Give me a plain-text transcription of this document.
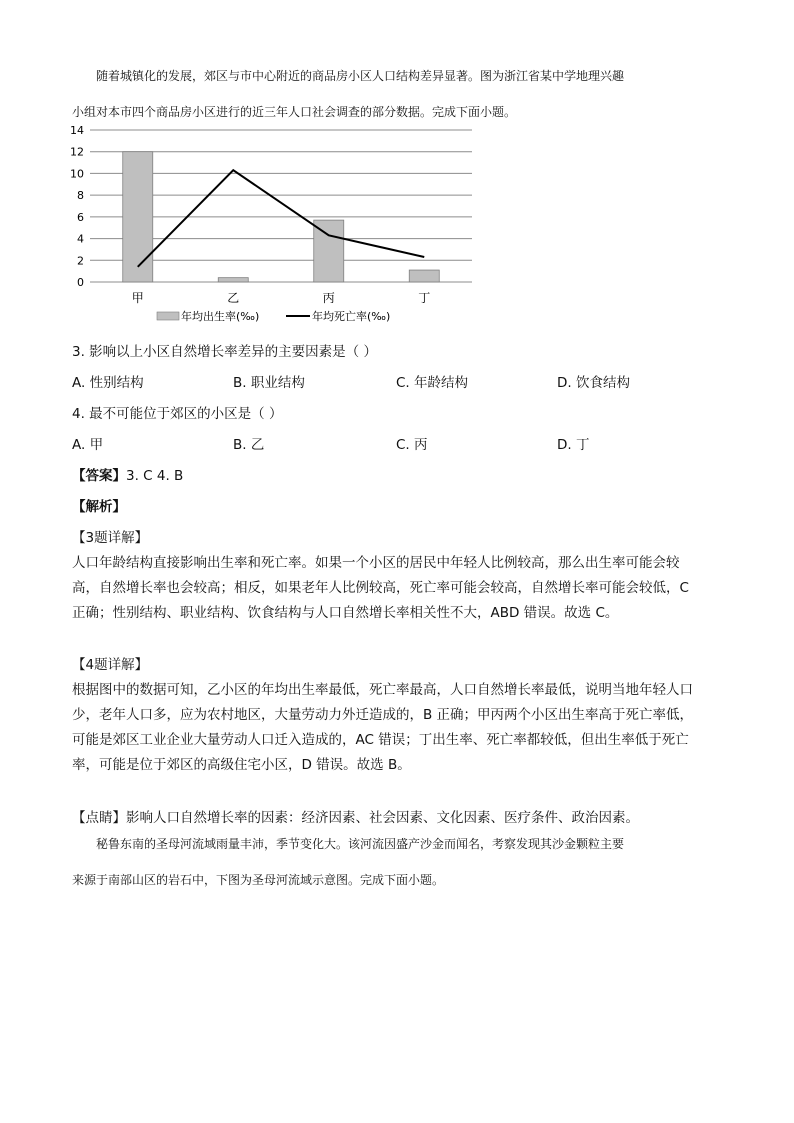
随着城镇化的发展，郊区与市中心附近的商品房小区人口结构差异显著。图为浙江省某中学地理兴趣

小组对本市四个商品房小区进行的近三年人口社会调查的部分数据。完成下面小题。

0
2
4
6
8
10
12
14
甲	乙	丙	丁
年均出生率(‰)	年均死亡率(‰)
3. 影响以上小区自然增长率差异的主要因素是（ ）
A. 性别结构	B. 职业结构	C. 年龄结构	D. 饮食结构
4. 最不可能位于郊区的小区是（ ）
A. 甲	B. 乙	C. 丙	D. 丁
【答案】3. C 4. B
【解析】
【3题详解】

人口年龄结构直接影响出生率和死亡率。如果一个小区的居民中年轻人比例较高，那么出生率可能会较

高，自然增长率也会较高；相反，如果老年人比例较高，死亡率可能会较高，自然增长率可能会较低，C

正确；性别结构、职业结构、饮食结构与人口自然增长率相关性不大，ABD 错误。故选 C。

【4题详解】

根据图中的数据可知，乙小区的年均出生率最低，死亡率最高，人口自然增长率最低，说明当地年轻人口

少，老年人口多，应为农村地区，大量劳动力外迁造成的，B 正确；甲丙两个小区出生率高于死亡率低，

可能是郊区工业企业大量劳动人口迁入造成的，AC 错误；丁出生率、死亡率都较低，但出生率低于死亡

率，可能是位于郊区的高级住宅小区，D 错误。故选 B。

【点睛】影响人口自然增长率的因素：经济因素、社会因素、文化因素、医疗条件、政治因素。

秘鲁东南的圣母河流域雨量丰沛，季节变化大。该河流因盛产沙金而闻名，考察发现其沙金颗粒主要

来源于南部山区的岩石中，下图为圣母河流域示意图。完成下面小题。
